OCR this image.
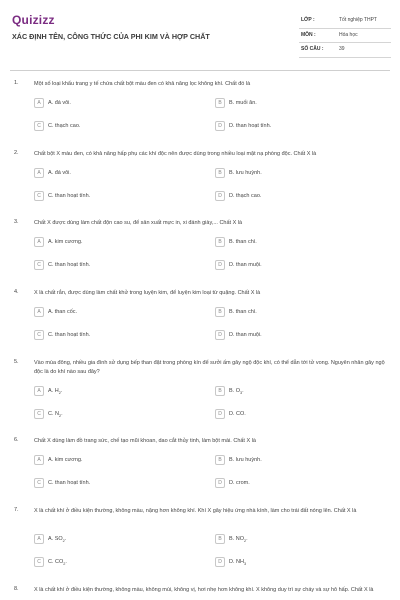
Quizizz
XÁC ĐỊNH TÊN, CÔNG THỨC CỦA PHI KIM VÀ HỢP CHẤT
LỚP :	Tốt nghiệp THPT
MÔN :	Hóa học
SỐ CÂU :	39
1.	Một số loại khẩu trang y tế chứa chất bột màu đen có khả năng lọc không khí. Chất đó là
A	A. đá vôi.	B	B. muối ăn.
C	C. thạch cao.	D	D. than hoạt tính.
2.	Chất bột X màu đen, có khả năng hấp phụ các khí độc nên được dùng trong nhiều loại mặt nạ phòng độc. Chất X là
A	A. đá vôi.	B	B. lưu huỳnh.
C	C. than hoạt tính.	D	D. thạch cao.
3.	Chất X được dùng làm chất độn cao su, để sản xuất mực in, xi đánh giày,... Chất X là
A	A. kim cương.	B	B. than chì.
C	C. than hoạt tính.	D	D. than muội.
4.	X là chất rắn, được dùng làm chất khử trong luyện kim, để luyện kim loại từ quặng. Chất X là
A	A. than cốc.	B	B. than chì.
C	C. than hoạt tính.	D	D. than muội.
5.	Vào mùa đông, nhiều gia đình sử dụng bếp than đặt trong phòng kín để sưởi ấm gây ngộ độc khí, có thể dẫn tới tử vong. Nguyên nhân gây ngộ độc là do khí nào sau đây?
A	A. $H_2$.	B	B. $O_3$.
C	C. $N_2$.	D	D. CO.
6.	Chất X dùng làm đồ trang sức, chế tạo mũi khoan, dao cắt thủy tinh, làm bột mài. Chất X là
A	A. kim cương.	B	B. lưu huỳnh.
C	C. than hoạt tính.	D	D. crom.
7.	X là chất khí ở điều kiện thường, không màu, nặng hơn không khí. Khí X gây hiệu ứng nhà kính, làm cho trái đất nóng lên. Chất X là
A	A. $SO_2$.	B	B. $NO_2$.
C	C. $CO_2$.	D	D. $NH_3$
8.	X là chất khí ở điều kiện thường, không màu, không mùi, không vị, hơi nhẹ hơn không khí. X không duy trì sự cháy và sự hô hấp. Chất X là
